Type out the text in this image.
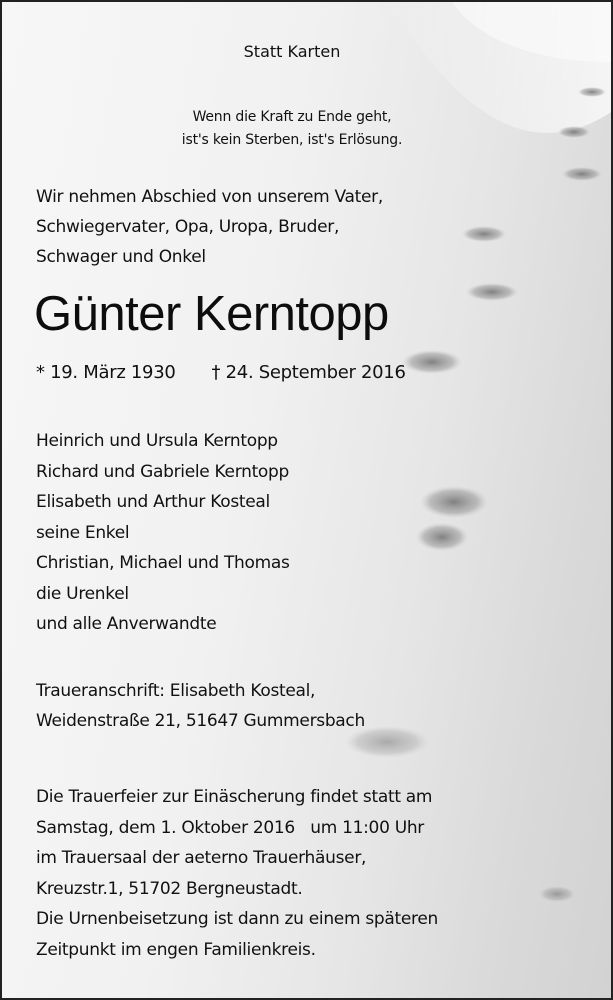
Statt Karten
Wenn die Kraft zu Ende geht,
ist's kein Sterben, ist's Erlösung.
Wir nehmen Abschied von unserem Vater,
Schwiegervater, Opa, Uropa, Bruder,
Schwager und Onkel
Günter Kerntopp
* 19. März 1930 † 24. September 2016
Heinrich und Ursula Kerntopp
Richard und Gabriele Kerntopp
Elisabeth und Arthur Kosteal
seine Enkel
Christian, Michael und Thomas
die Urenkel
und alle Anverwandte
Traueranschrift: Elisabeth Kosteal,
Weidenstraße 21, 51647 Gummersbach
Die Trauerfeier zur Einäscherung findet statt am
Samstag, dem 1. Oktober 2016   um 11:00 Uhr
im Trauersaal der aeterno Trauerhäuser,
Kreuzstr.1, 51702 Bergneustadt.
Die Urnenbeisetzung ist dann zu einem späteren
Zeitpunkt im engen Familienkreis.
